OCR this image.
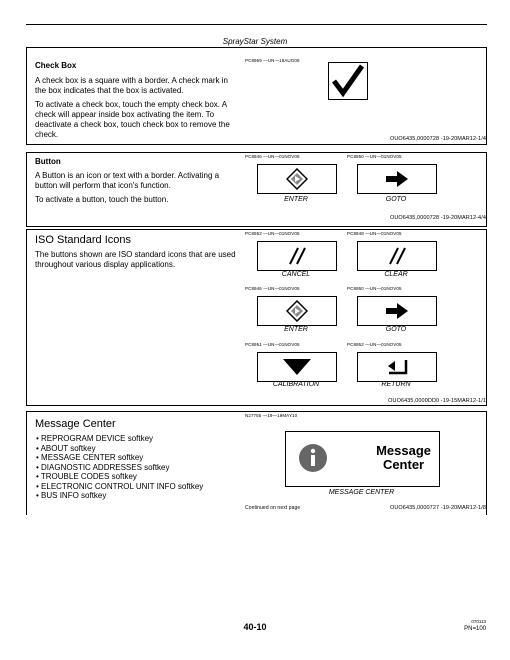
SprayStar System
Check Box

A check box is a square with a border. A check mark in the box indicates that the box is activated.

To activate a check box, touch the empty check box. A check will appear inside box activating the item. To deactivate a check box, touch check box to remove the check.

PC8969 —UN—19AUG05
OUO6435,0000728 -19-20MAR12-1/4
Button

A Button is an icon or text with a border. Activating a button will perform that icon's function.

To activate a button, touch the button.

PC8946 —UN—01NOV05
ENTER
PC8950 —UN—01NOV05
GOTO
OUO6435,0000728 -19-20MAR12-4/4
ISO Standard Icons
The buttons shown are ISO standard icons that are used throughout various display applications.
PC8952 —UN—01NOV05
CANCEL
PC8948 —UN—01NOV05
CLEAR
PC8946 —UN—01NOV05
ENTER
PC8950 —UN—01NOV05
GOTO
PC8951 —UN—01NOV05
CALIBRATION
PC8952 —UN—01NOV05
RETURN
OUO6435,0000DD0 -19-15MAR12-1/1
Message Center
• REPROGRAM DEVICE softkey
• ABOUT softkey
• MESSAGE CENTER softkey
• DIAGNOSTIC ADDRESSES softkey
• TROUBLE CODES softkey
• ELECTRONIC CONTROL UNIT INFO softkey
• BUS INFO softkey
N27755 —19—19MAY10
Message
Center
MESSAGE CENTER
Continued on next page	OUO6435,0000727 -19-20MAR12-1/8
40-10
070113
PN=100
